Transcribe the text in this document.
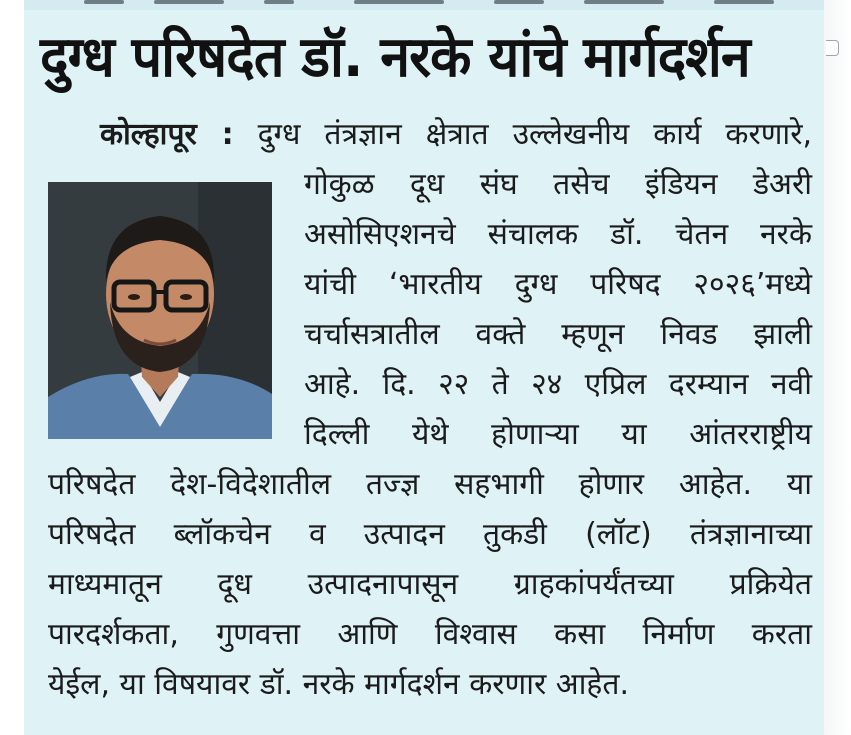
दुग्ध परिषदेत डॉ. नरके यांचे मार्गदर्शन
कोल्हापूर : दुग्ध तंत्रज्ञान क्षेत्रात उल्लेखनीय कार्य करणारे,
गोकुळ दूध संघ तसेच इंडियन डेअरी
असोसिएशनचे संचालक डॉ. चेतन नरके
यांची ‘भारतीय दुग्ध परिषद २०२६’मध्ये
चर्चासत्रातील वक्ते म्हणून निवड झाली
आहे. दि. २२ ते २४ एप्रिल दरम्यान नवी
दिल्ली येथे होणाऱ्या या आंतरराष्ट्रीय
परिषदेत देश-विदेशातील तज्ज्ञ सहभागी होणार आहेत. या
परिषदेत ब्लॉकचेन व उत्पादन तुकडी (लॉट) तंत्रज्ञानाच्या
माध्यमातून दूध उत्पादनापासून ग्राहकांपर्यंतच्या प्रक्रियेत
पारदर्शकता, गुणवत्ता आणि विश्वास कसा निर्माण करता
येईल, या विषयावर डॉ. नरके मार्गदर्शन करणार आहेत.
